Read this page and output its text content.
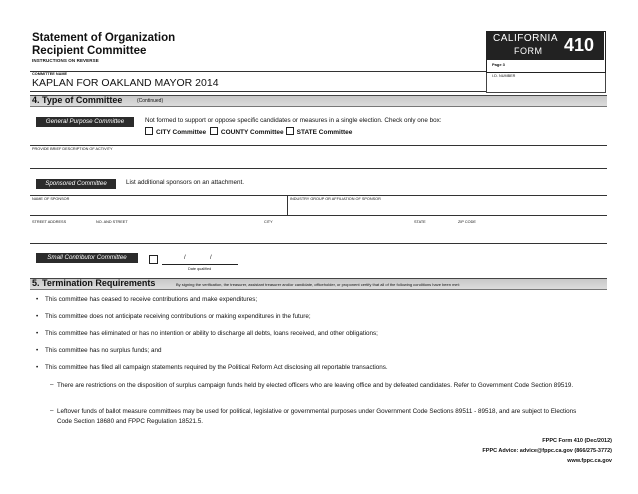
Statement of Organization
Recipient Committee
INSTRUCTIONS ON REVERSE
CALIFORNIA
FORM 410
Page 3
I.D. NUMBER
COMMITTEE NAME
KAPLAN FOR OAKLAND MAYOR 2014
4. Type of Committee	(Continued)
General Purpose Committee	Not formed to support or oppose specific candidates or measures in a single election. Check only one box:
CITY Committee COUNTY Committee STATE Committee
PROVIDE BRIEF DESCRIPTION OF ACTIVITY
Sponsored Committee	List additional sponsors on an attachment.
NAME OF SPONSOR	INDUSTRY GROUP OR AFFILIATION OF SPONSOR
STREET ADDRESS	NO. AND STREET	CITY	STATE	ZIP CODE
Small Contributor Committee	/	/
Date qualified
5. Termination Requirements	By signing the verification, the treasurer, assistant treasurer and/or candidate, officeholder, or proponent certify that all of the following conditions have been met:
• This committee has ceased to receive contributions and make expenditures;
• This committee does not anticipate receiving contributions or making expenditures in the future;
• This committee has eliminated or has no intention or ability to discharge all debts, loans received, and other obligations;
• This committee has no surplus funds; and
• This committee has filed all campaign statements required by the Political Reform Act disclosing all reportable transactions.
– There are restrictions on the disposition of surplus campaign funds held by elected officers who are leaving office and by defeated candidates. Refer to Government Code Section 89519.
– Leftover funds of ballot measure committees may be used for political, legislative or governmental purposes under Government Code Sections 89511 - 89518, and are subject to Elections Code Section 18680 and FPPC Regulation 18521.5.
FPPC Form 410 (Dec/2012)
FPPC Advice: advice@fppc.ca.gov (866/275-3772)
www.fppc.ca.gov
